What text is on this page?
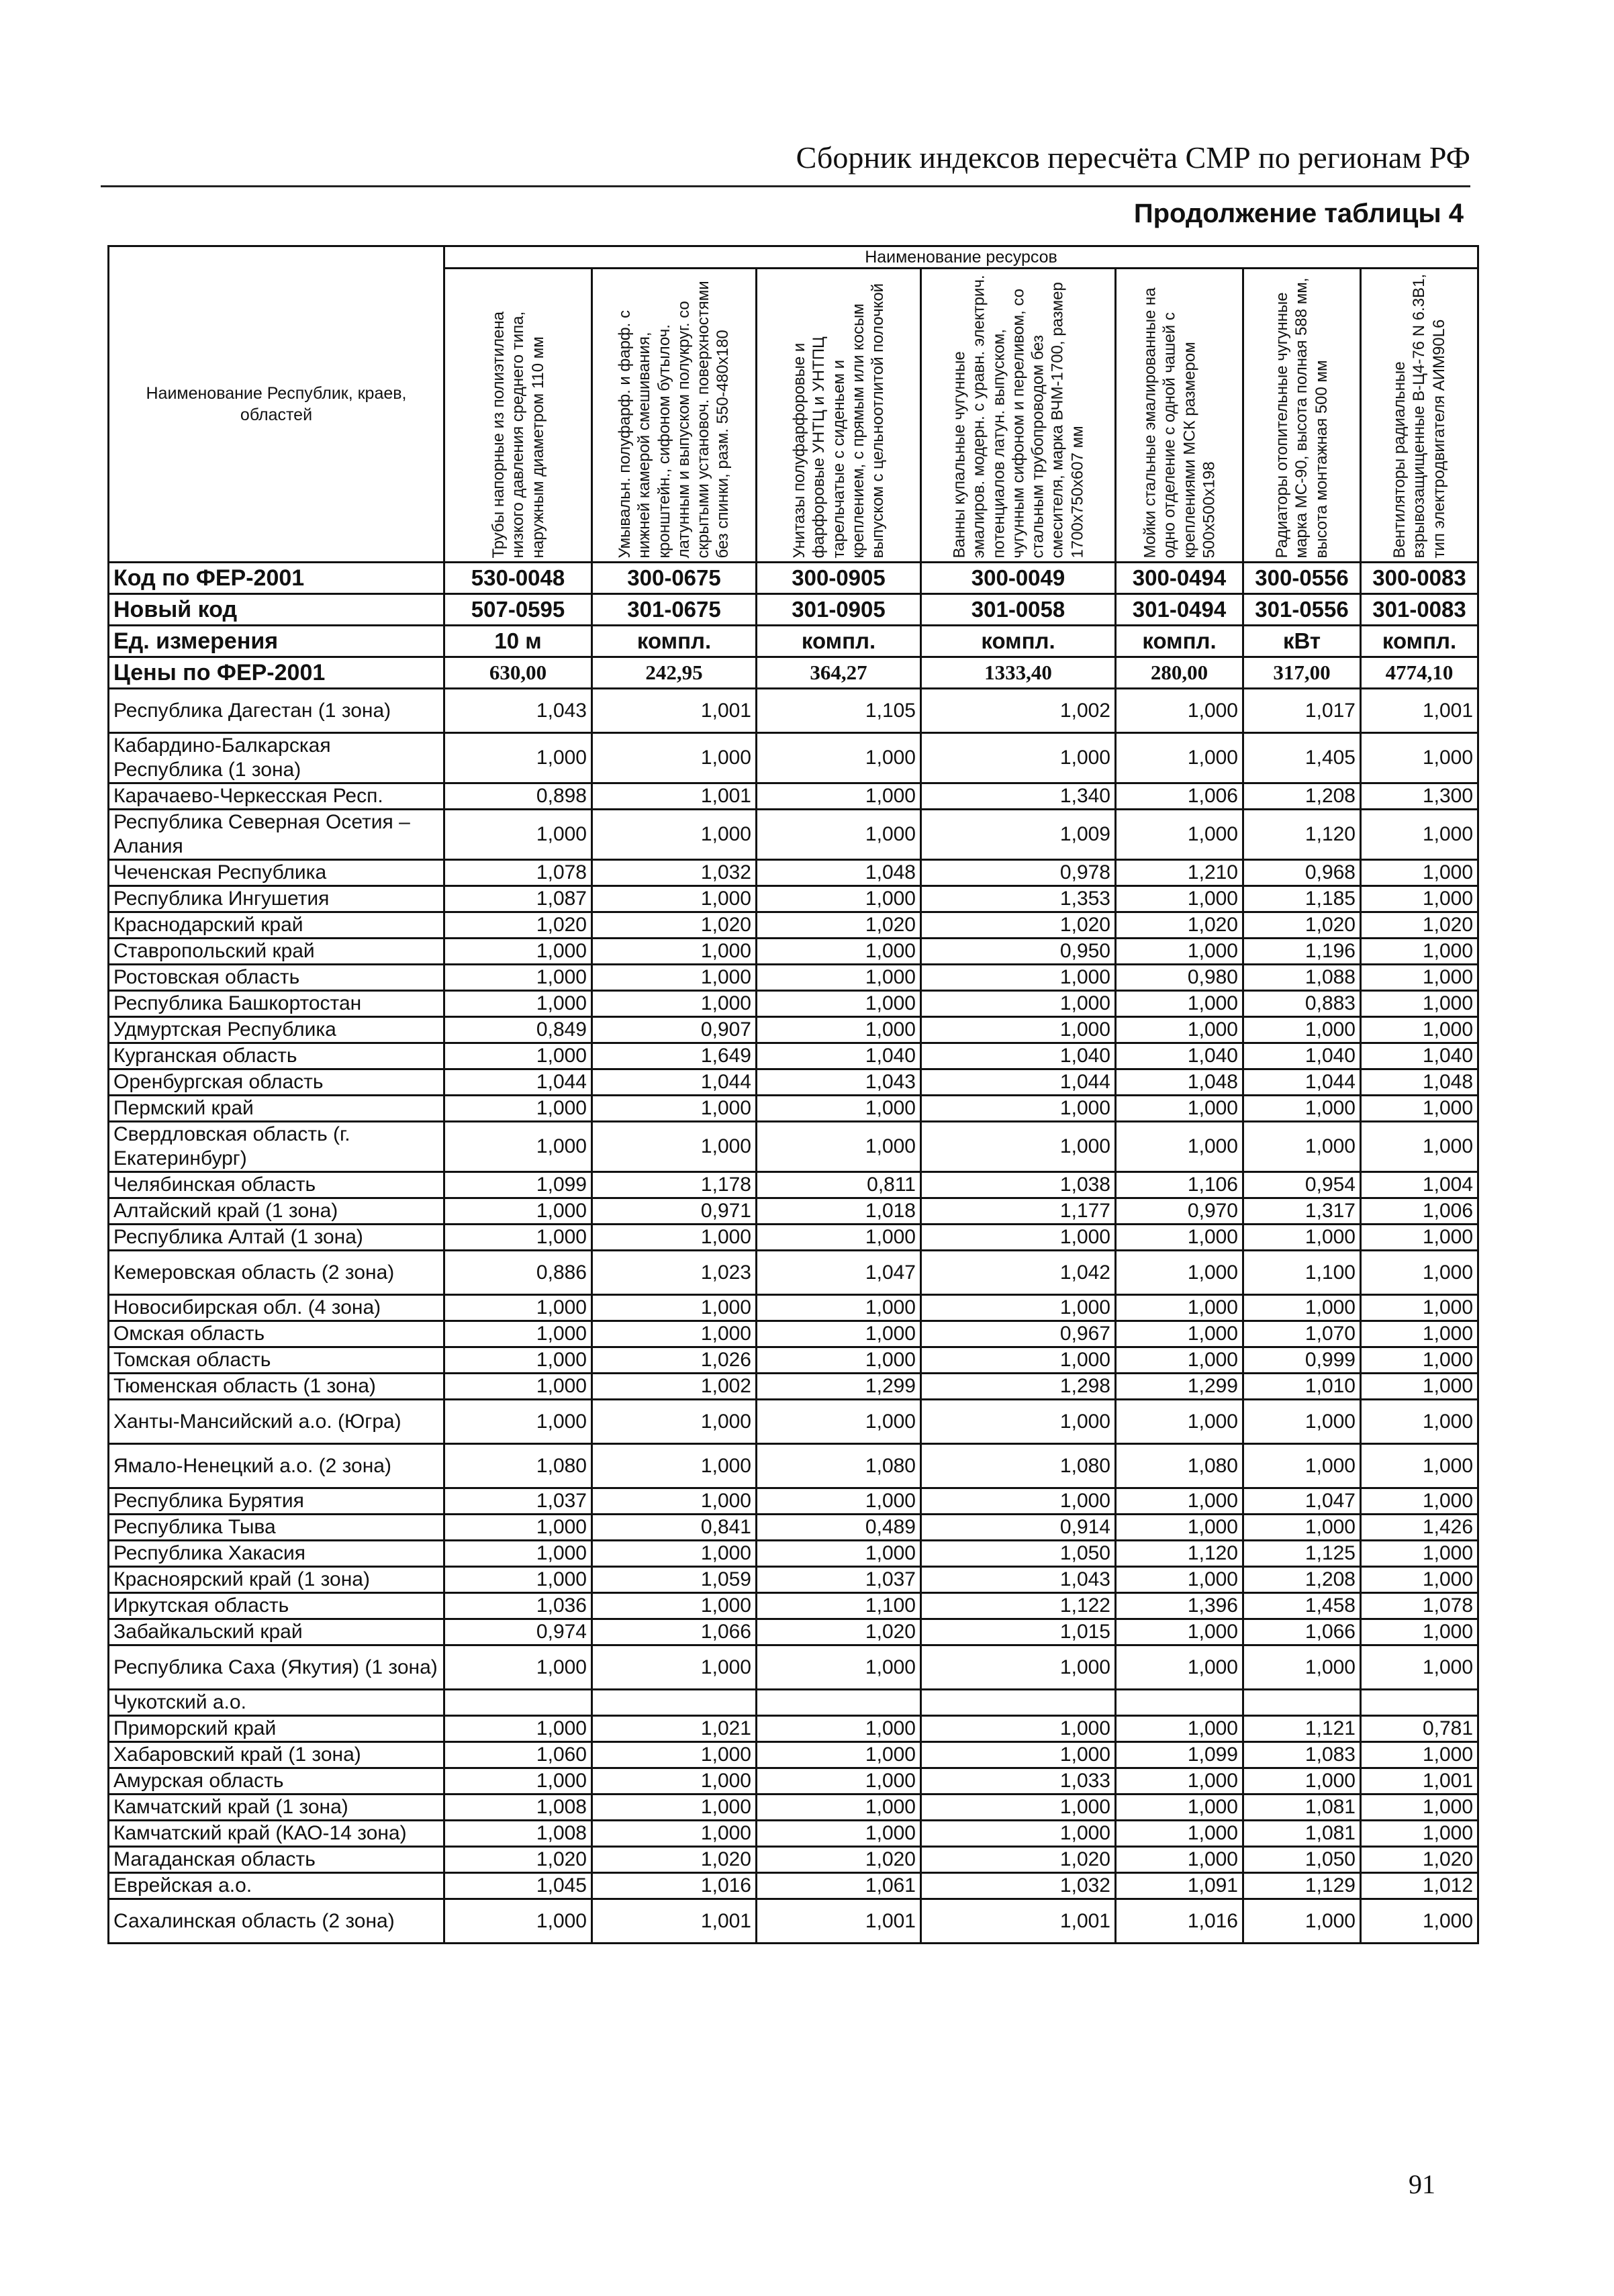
Сборник индексов пересчёта СМР по регионам РФ
Продолжение таблицы 4
Наименование Республик, краев, областей	Наименование ресурсов						

	Трубы напорные из полиэтилена низкого давления среднего типа, наружным диаметром 110 мм	Умывальн. полуфарф. и фарф. с нижней камерой смешивания, кронштейн., сифоном бутылоч. латунным и выпуском полукруг. со скрытыми установоч. поверхностями без спинки, разм. 550-480х180	Унитазы полуфарфоровые и фарфоровые УНТЦ и УНТПЦ тарельчатые с сиденьем и креплением, с прямым или косым выпуском с цельноотлитой полочкой	Ванны купальные чугунные эмалиров. модерн. с уравн. электрич. потенциалов латун. выпуском, чугунным сифоном и переливом, со стальным трубопроводом без смесителя, марка ВЧМ-1700, размер 1700х750х607 мм	Мойки стальные эмалированные на одно отделение с одной чашей с креплениями МСК размером 500х500х198	Радиаторы отопительные чугунные марка МС-90, высота полная 588 мм, высота монтажная 500 мм	Вентиляторы радиальные взрывозащищенные В-Ц4-76 N 6.3В1, тип электродвигателя АИМ90L6

Код по ФЕР-2001	530-0048	300-0675	300-0905	300-0049	300-0494	300-0556	300-0083
Новый код	507-0595	301-0675	301-0905	301-0058	301-0494	301-0556	301-0083
Ед. измерения	10 м	компл.	компл.	компл.	компл.	кВт	компл.
Цены по ФЕР-2001	630,00	242,95	364,27	1333,40	280,00	317,00	4774,10
Республика Дагестан (1 зона)	1,043	1,001	1,105	1,002	1,000	1,017	1,001
Кабардино-Балкарская Республика (1 зона)	1,000	1,000	1,000	1,000	1,000	1,405	1,000
Карачаево-Черкесская Респ.	0,898	1,001	1,000	1,340	1,006	1,208	1,300
Республика Северная Осетия – Алания	1,000	1,000	1,000	1,009	1,000	1,120	1,000
Чеченская Республика	1,078	1,032	1,048	0,978	1,210	0,968	1,000
Республика Ингушетия	1,087	1,000	1,000	1,353	1,000	1,185	1,000
Краснодарский край	1,020	1,020	1,020	1,020	1,020	1,020	1,020
Ставропольский край	1,000	1,000	1,000	0,950	1,000	1,196	1,000
Ростовская область	1,000	1,000	1,000	1,000	0,980	1,088	1,000
Республика Башкортостан	1,000	1,000	1,000	1,000	1,000	0,883	1,000
Удмуртская Республика	0,849	0,907	1,000	1,000	1,000	1,000	1,000
Курганская область	1,000	1,649	1,040	1,040	1,040	1,040	1,040
Оренбургская область	1,044	1,044	1,043	1,044	1,048	1,044	1,048
Пермский край	1,000	1,000	1,000	1,000	1,000	1,000	1,000
Свердловская область (г. Екатеринбург)	1,000	1,000	1,000	1,000	1,000	1,000	1,000
Челябинская область	1,099	1,178	0,811	1,038	1,106	0,954	1,004
Алтайский край (1 зона)	1,000	0,971	1,018	1,177	0,970	1,317	1,006
Республика Алтай (1 зона)	1,000	1,000	1,000	1,000	1,000	1,000	1,000
Кемеровская область (2 зона)	0,886	1,023	1,047	1,042	1,000	1,100	1,000
Новосибирская обл. (4 зона)	1,000	1,000	1,000	1,000	1,000	1,000	1,000
Омская область	1,000	1,000	1,000	0,967	1,000	1,070	1,000
Томская область	1,000	1,026	1,000	1,000	1,000	0,999	1,000
Тюменская область (1 зона)	1,000	1,002	1,299	1,298	1,299	1,010	1,000
Ханты-Мансийский а.о. (Югра)	1,000	1,000	1,000	1,000	1,000	1,000	1,000
Ямало-Ненецкий а.о. (2 зона)	1,080	1,000	1,080	1,080	1,080	1,000	1,000
Республика Бурятия	1,037	1,000	1,000	1,000	1,000	1,047	1,000
Республика Тыва	1,000	0,841	0,489	0,914	1,000	1,000	1,426
Республика Хакасия	1,000	1,000	1,000	1,050	1,120	1,125	1,000
Красноярский край (1 зона)	1,000	1,059	1,037	1,043	1,000	1,208	1,000
Иркутская область	1,036	1,000	1,100	1,122	1,396	1,458	1,078
Забайкальский край	0,974	1,066	1,020	1,015	1,000	1,066	1,000
Республика Саха (Якутия) (1 зона)	1,000	1,000	1,000	1,000	1,000	1,000	1,000
Чукотский а.о.							
Приморский край	1,000	1,021	1,000	1,000	1,000	1,121	0,781
Хабаровский край (1 зона)	1,060	1,000	1,000	1,000	1,099	1,083	1,000
Амурская область	1,000	1,000	1,000	1,033	1,000	1,000	1,001
Камчатский край (1 зона)	1,008	1,000	1,000	1,000	1,000	1,081	1,000
Камчатский край (КАО-14 зона)	1,008	1,000	1,000	1,000	1,000	1,081	1,000
Магаданская область	1,020	1,020	1,020	1,020	1,000	1,050	1,020
Еврейская а.о.	1,045	1,016	1,061	1,032	1,091	1,129	1,012
Сахалинская область (2 зона)	1,000	1,001	1,001	1,001	1,016	1,000	1,000
91
